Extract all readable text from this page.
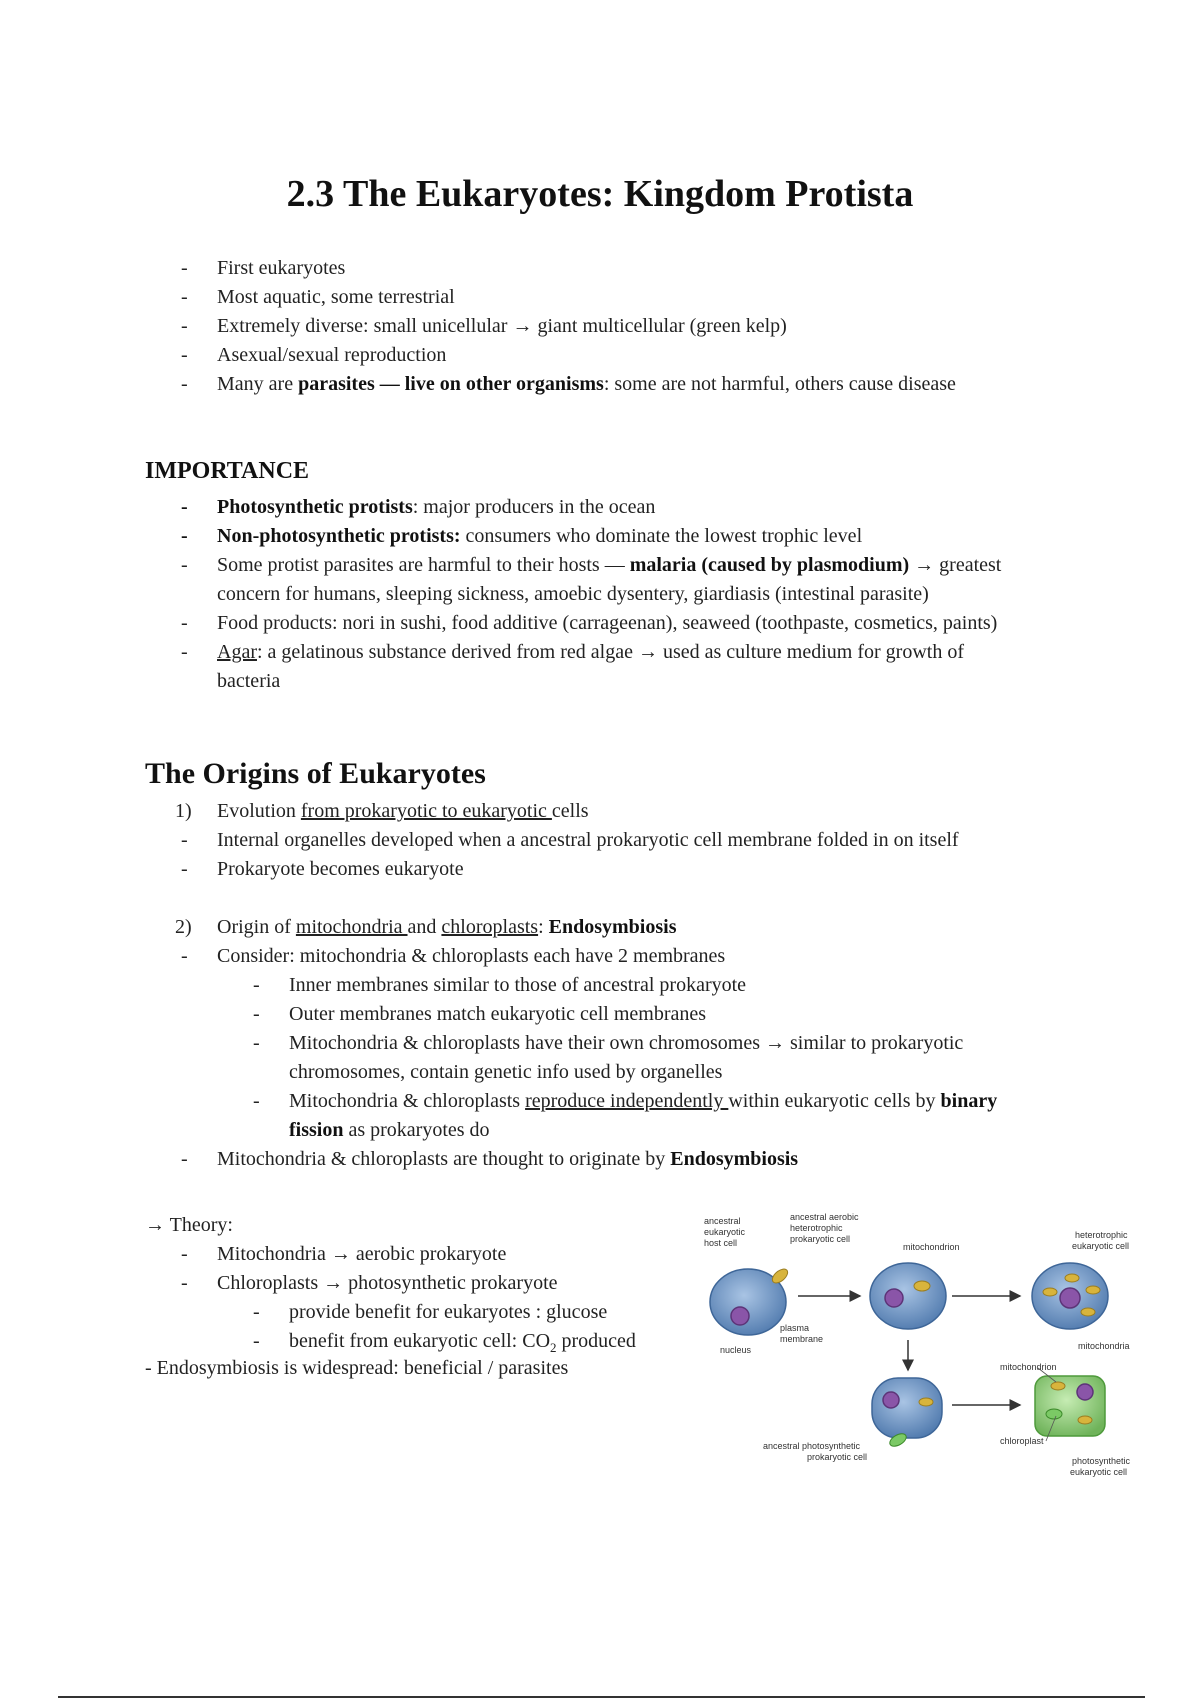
2.3 The Eukaryotes: Kingdom Protista
- First eukaryotes
- Most aquatic, some terrestrial
- Extremely diverse: small unicellular → giant multicellular (green kelp)
- Asexual/sexual reproduction
- Many are parasites — live on other organisms: some are not harmful, others cause disease
IMPORTANCE
- Photosynthetic protists: major producers in the ocean
- Non-photosynthetic protists: consumers who dominate the lowest trophic level
- Some protist parasites are harmful to their hosts — malaria (caused by plasmodium) → greatest
concern for humans, sleeping sickness, amoebic dysentery, giardiasis (intestinal parasite)
- Food products: nori in sushi, food additive (carrageenan), seaweed (toothpaste, cosmetics, paints)
- Agar: a gelatinous substance derived from red algae → used as culture medium for growth of
bacteria
The Origins of Eukaryotes
1) Evolution from prokaryotic to eukaryotic cells
- Internal organelles developed when a ancestral prokaryotic cell membrane folded in on itself
- Prokaryote becomes eukaryote
2) Origin of mitochondria and chloroplasts: Endosymbiosis
- Consider: mitochondria & chloroplasts each have 2 membranes
- Inner membranes similar to those of ancestral prokaryote
- Outer membranes match eukaryotic cell membranes
- Mitochondria & chloroplasts have their own chromosomes → similar to prokaryotic
chromosomes, contain genetic info used by organelles
- Mitochondria & chloroplasts reproduce independently within eukaryotic cells by binary
fission as prokaryotes do
- Mitochondria & chloroplasts are thought to originate by Endosymbiosis
→ Theory:
- Mitochondria → aerobic prokaryote
- Chloroplasts → photosynthetic prokaryote
- provide benefit for eukaryotes : glucose
- benefit from eukaryotic cell: $CO_2$ produced
- Endosymbiosis is widespread: beneficial / parasites
ancestral
eukaryotic
host cell
ancestral aerobic
heterotrophic
prokaryotic cell
mitochondrion
heterotrophic
eukaryotic cell
plasma
membrane
nucleus	mitochondria
mitochondrion
chloroplast
ancestral photosynthetic
prokaryotic cell	photosynthetic
eukaryotic cell
